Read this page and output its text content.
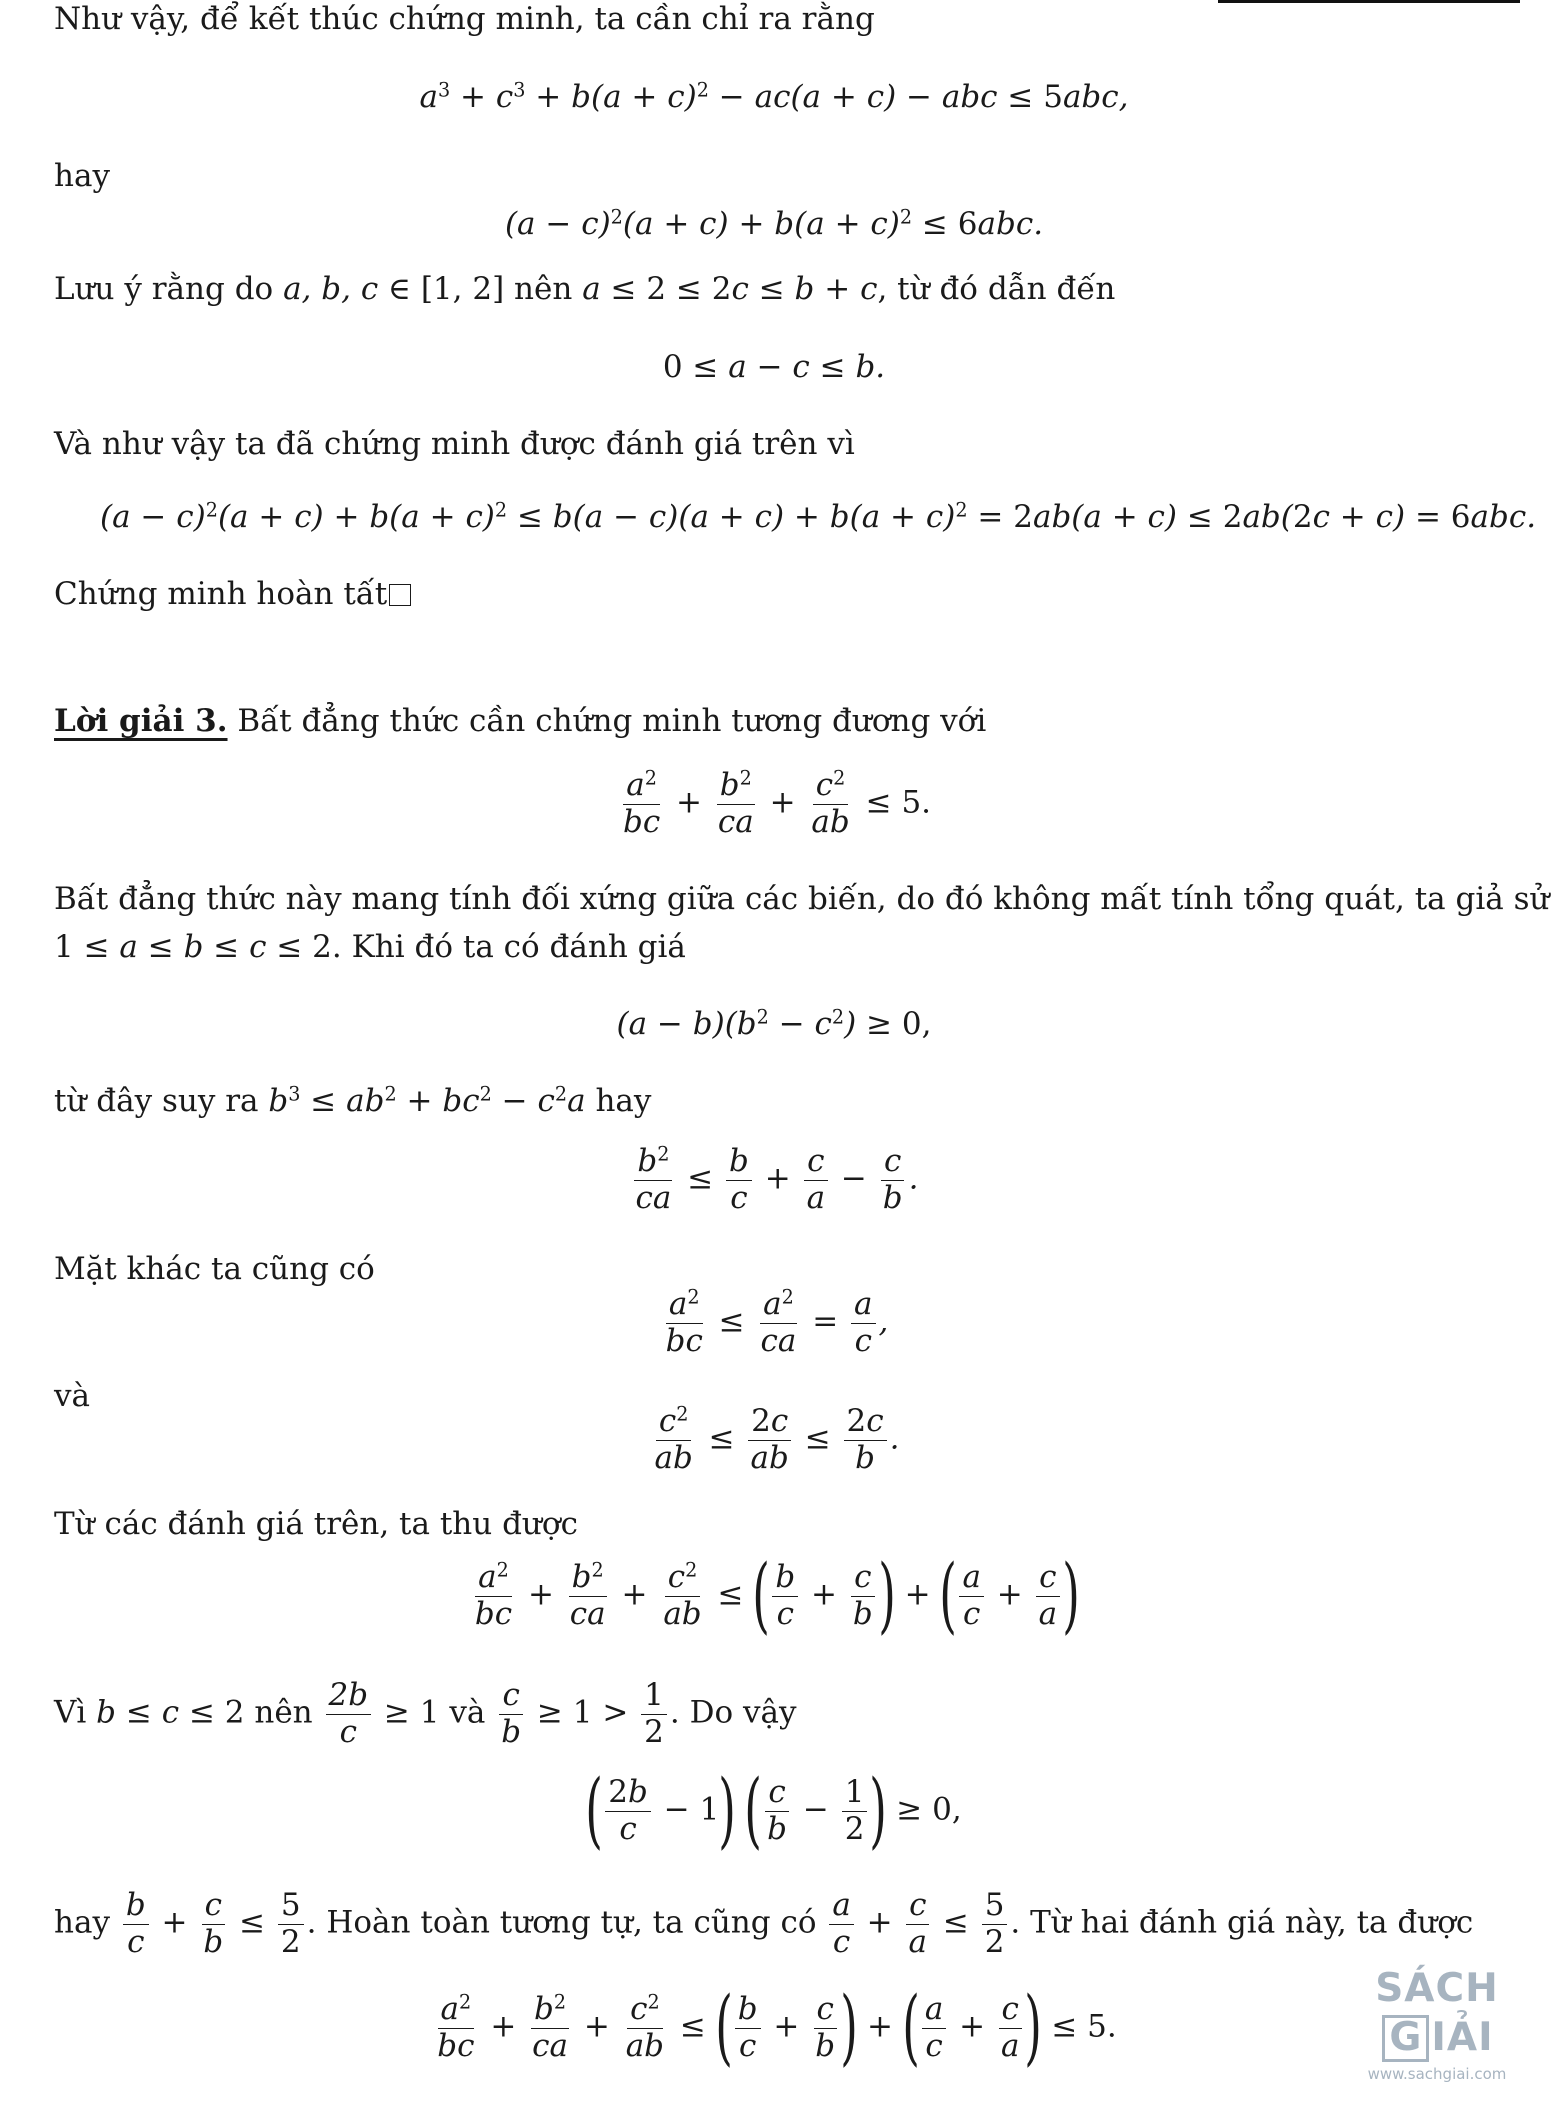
Như vậy, để kết thúc chứng minh, ta cần chỉ ra rằng

$a^3 + c^3 + b(a + c)^2 - ac(a + c)$ − abc ≤ 5abc,

hay

$(a - c)^2(a + c) + b(a + c)^2 \le 6abc$.

Lưu ý rằng do a, b, c ∈ [1, 2] nên a ≤ 2 ≤ 2c ≤ b + c, từ đó dẫn đến

0 ≤ a − c ≤ b.

Và như vậy ta đã chứng minh được đánh giá trên vì

$(a - c)^2(a + c) + b(a + c)^2 \le b(a - c)(a + c) + b(a + c)^2 = 2ab(a + c) \le 2ab(2c + c) = 6abc$.

Chứng minh hoàn tất

Lời giải 3. Bất đẳng thức cần chứng minh tương đương với

$\frac{a^2}{bc} + \frac{b^2}{ca} + \frac{c^2}{ab} \le 5$.

Bất đẳng thức này mang tính đối xứng giữa các biến, do đó không mất tính tổng quát, ta giả sử

1 ≤ a ≤ b ≤ c ≤ 2. Khi đó ta có đánh giá

$(a - b)(b^2 - c^2) \ge 0$,

từ đây suy ra $b^3 \le ab^2 + bc^2 - c^2a$ hay

$\frac{b^2}{ca} \le \frac{b}{c} + \frac{c}{a} - \frac{c}{b}$ .

Mặt khác ta cũng có

$\frac{a^2}{bc} \le \frac{a^2}{ca} = \frac{a}{c}$ ,

và

$\frac{c^2}{ab} \le \frac{2c}{ab} \le \frac{2c}{b}$ .

Từ các đánh giá trên, ta thu được

$\frac{a^2}{bc} + \frac{b^2}{ca} + \frac{c^2}{ab}$ ≤ ( $\frac{b}{c} + \frac{c}{b}$ ) + ( $\frac{a}{c} + \frac{c}{a}$ )

Vì b ≤ c ≤ 2 nên $\frac{2b}{c} \ge 1$ và $\frac{c}{b} \ge 1 > \frac{1}{2}$ . Do vậy

( $\frac{2b}{c} - 1$) ( $\frac{c}{b} - \frac{1}{2}$ ) ≥ 0,

hay $\frac{b}{c} + \frac{c}{b} \le \frac{5}{2}$ . Hoàn toàn tương tự, ta cũng có $\frac{a}{c} + \frac{c}{a} \le \frac{5}{2}$ . Từ hai đánh giá này, ta được

$\frac{a^2}{bc} + \frac{b^2}{ca} + \frac{c^2}{ab}$ ≤ ( $\frac{b}{c} + \frac{c}{b}$ ) + ( $\frac{a}{c} + \frac{c}{a}$ ) ≤ 5.
SÁCHG IẢI
www.sachgiai.com
